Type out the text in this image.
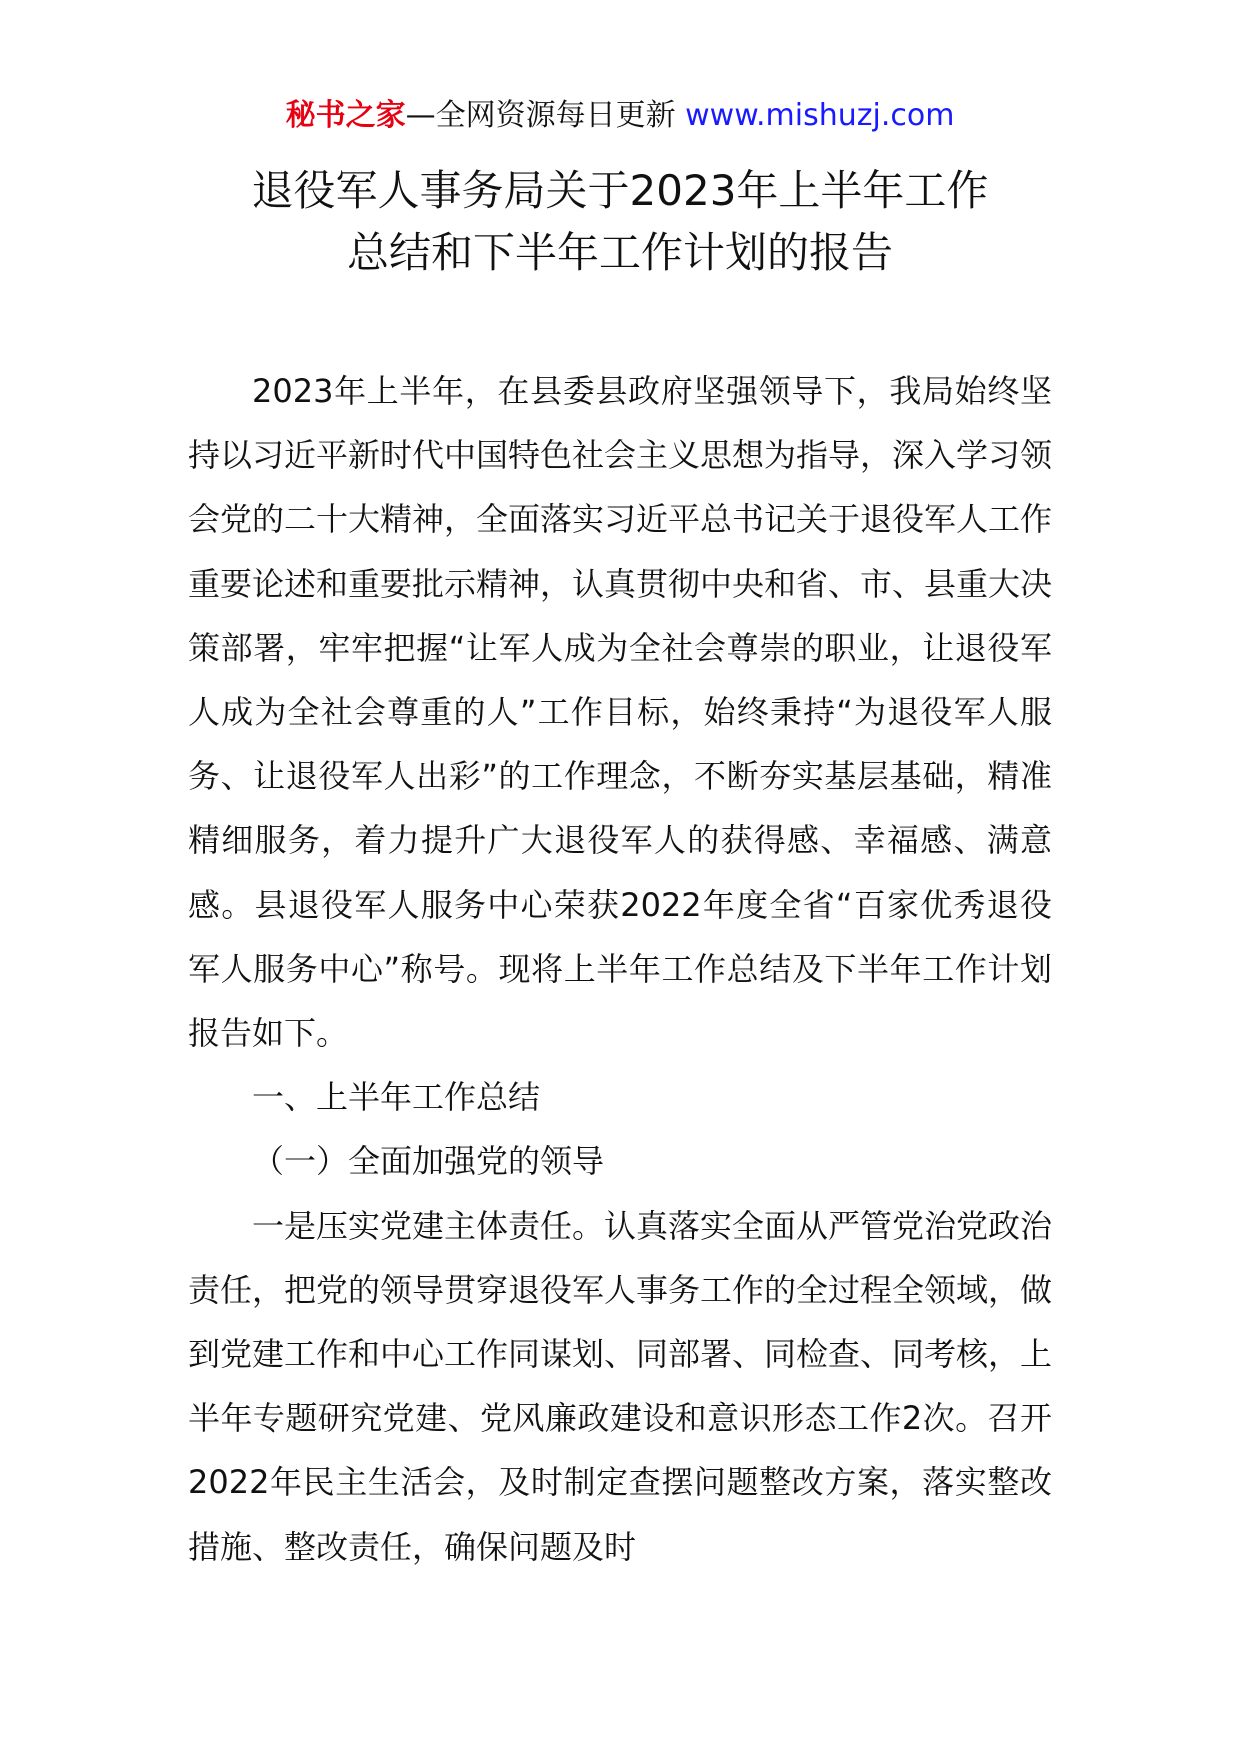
秘书之家—全网资源每日更新 www.mishuzj.com
退役军人事务局关于2023年上半年工作
总结和下半年工作计划的报告

2023年上半年，在县委县政府坚强领导下，我局始终坚持以习近平新时代中国特色社会主义思想为指导，深入学习领会党的二十大精神，全面落实习近平总书记关于退役军人工作重要论述和重要批示精神，认真贯彻中央和省、市、县重大决策部署，牢牢把握“让军人成为全社会尊崇的职业，让退役军人成为全社会尊重的人”工作目标，始终秉持“为退役军人服务、让退役军人出彩”的工作理念，不断夯实基层基础，精准精细服务，着力提升广大退役军人的获得感、幸福感、满意感。县退役军人服务中心荣获2022年度全省“百家优秀退役军人服务中心”称号。现将上半年工作总结及下半年工作计划报告如下。

一、上半年工作总结

（一）全面加强党的领导

一是压实党建主体责任。认真落实全面从严管党治党政治责任，把党的领导贯穿退役军人事务工作的全过程全领域，做到党建工作和中心工作同谋划、同部署、同检查、同考核，上半年专题研究党建、党风廉政建设和意识形态工作2次。召开2022年民主生活会，及时制定查摆问题整改方案，落实整改措施、整改责任，确保问题及时
